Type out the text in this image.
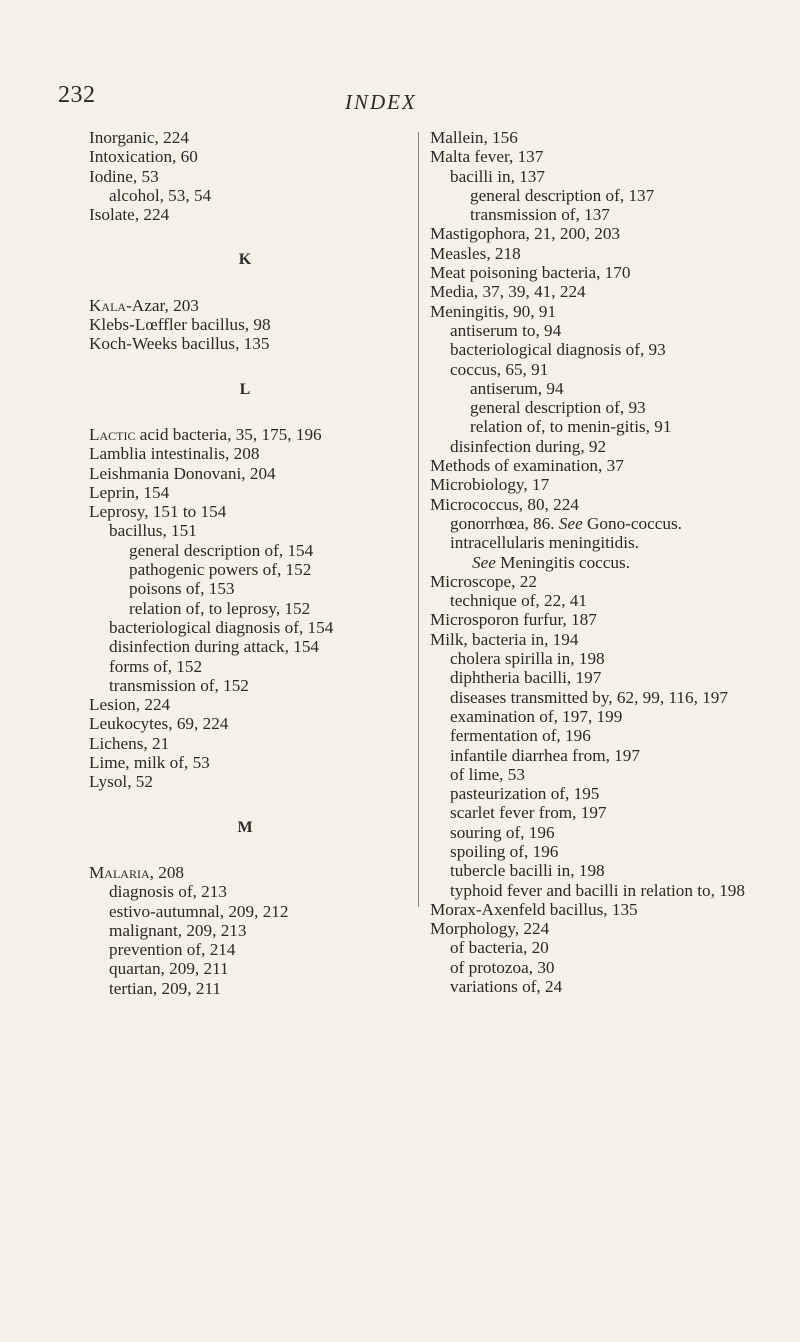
232	INDEX
Inorganic, 224
Intoxication, 60
Iodine, 53
alcohol, 53, 54
Isolate, 224
K
Kala-Azar, 203
Klebs-Lœffler bacillus, 98
Koch-Weeks bacillus, 135
L
Lactic acid bacteria, 35, 175, 196
Lamblia intestinalis, 208
Leishmania Donovani, 204
Leprin, 154
Leprosy, 151 to 154
bacillus, 151
general description of, 154
pathogenic powers of, 152
poisons of, 153
relation of, to leprosy, 152
bacteriological diagnosis of, 154
disinfection during attack, 154
forms of, 152
transmission of, 152
Lesion, 224
Leukocytes, 69, 224
Lichens, 21
Lime, milk of, 53
Lysol, 52
M
Malaria, 208
diagnosis of, 213
estivo-autumnal, 209, 212
malignant, 209, 213
prevention of, 214
quartan, 209, 211
tertian, 209, 211
Mallein, 156
Malta fever, 137
bacilli in, 137
general description of, 137
transmission of, 137
Mastigophora, 21, 200, 203
Measles, 218
Meat poisoning bacteria, 170
Media, 37, 39, 41, 224
Meningitis, 90, 91
antiserum to, 94
bacteriological diagnosis of, 93
coccus, 65, 91
antiserum, 94
general description of, 93
relation of, to menin-gitis, 91
disinfection during, 92
Methods of examination, 37
Microbiology, 17
Micrococcus, 80, 224
gonorrhœa, 86. See Gono-coccus.
intracellularis meningitidis.
See Meningitis coccus.
Microscope, 22
technique of, 22, 41
Microsporon furfur, 187
Milk, bacteria in, 194
cholera spirilla in, 198
diphtheria bacilli, 197
diseases transmitted by, 62, 99, 116, 197
examination of, 197, 199
fermentation of, 196
infantile diarrhea from, 197
of lime, 53
pasteurization of, 195
scarlet fever from, 197
souring of, 196
spoiling of, 196
tubercle bacilli in, 198
typhoid fever and bacilli in relation to, 198
Morax-Axenfeld bacillus, 135
Morphology, 224
of bacteria, 20
of protozoa, 30
variations of, 24
